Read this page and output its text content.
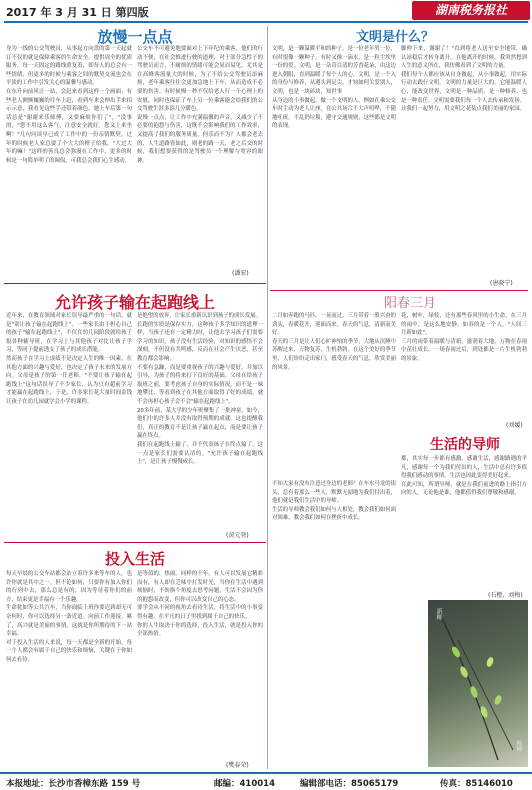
2017 年 3 月 31 日 第四版	湖南税务报社
放慢一点点
身为一线的公交驾驶员，从事起方向盘的第一天起就订不仅的就是保障乘客的生命安全。提供周全的优质服务。每一天固定的路线重复着，即每人的总会有一些情绪，但更多的时候与乘客之间的默契交流也会在平淡的工作中引发关心的温馨与感动。
在东升向前风让一站，会赶来看到这样一个画面：有些老人颤颤巍巍的往车上赶，看到车来会伸出手来招示示意，我看见这些手还带着颜色，她上车后第一句话总是"谢谢来乐师傅，又要麻烦你们了"，"没事的，"您不用这么客气，注意安全就好。您又上来坐啊！"几句问谈早已成了工作中的一份亲情默契。过年的时候老人家总要了个大大的橙子给我，"大过大年的嘛！"这样的善良总会弥漫在工作中，更多的时候是一句简单明了的调侃，可我总会我们心生感动。
公交车不可避免地要面对上下年纪的乘客，他们的行动不便，在社会推进行驶的道理，对于部分急性子的驾驶员而言，不耐烦的情绪可能会显而易见，尤其是在高峰客流量大的时候，为了不给公交驾驶员添麻烦，老年乘客往往会更加急地上下车，从而造成不必要的伤害。有时候慢一秒不仅给老人行一个心理上的安慰，同时也保证了车上另一位乘客能会给我们的公交驾驶生涯多添几分暖色。
说慢一点点，让工作中充满温馨的声音，又减少了不必要的抱怨与伤害，这既不会影响我们的工作效率，又提高了我们的服务质量。何乐而不为？人都会老去的，人生道路皆如此，则老的路一天，老之后交的时候，我们想要获得的是驾驶员一个理解与宽容的眼神。
(潘宏)
允许孩子输在起跑线上
近年来，在教育领域对家长误导最严重的一句话，就是"别让孩子输在起跑线上"。一些家长由于担心自己的孩子"输在起跑线上"，不仅在幼儿园阶段就给孩子报各种辅导班，在学习上与其他孩子对比让孩子学习，等同于提前透支了孩子的成长潜能。
然而孩子在学习上成绩不是决定人生的唯一因素，在其他方面的兴趣与爱好，也决定了孩子未来的发展方向。父母是孩子的第一任老师，"不要让孩子输在起跑线上"这句话误导了不少家长，认为只有超前学习才能赢在起跑线上，于是，许多家长花大量时间金钱让孩子在幼儿园就学会小学的课程。
是绝望的放弃，让家长重新认识到孩子的成长发展。
长跑的实质是保存实力，这种孩子多学知识的道理一样，当孩子还有一定精力时，让他去学习孩子们需要学习的知识，孩子没有生活经验，对知识的感悟不会深刻，不但没有共鸣感，反而在社会产生厌恶，甚至教育都会影响。
不要有急躁，而是要重视孩子的兴趣与爱好，并加以引导，为孩子的将来打下良好的基础。父母在给孩子报班之前，要考虑孩子自身的实际情况，而不是一味地攀比，等看到孩子在其他方面取得了好的成绩，就不会再担心孩子会不会"输在起跑线上"。
20多年前，某大学的少年班聚集了一批神童，如今，他们中的许多人并没有取得预期的成就。这也提醒我们，真正的教育不是让孩子赢在起点，而是要让孩子赢在终点。
我们在起跑线上输了，并不代表孩子在终点输了，这一点是家长们需要认清的。"允许孩子输在起跑线上"，是让孩子慢慢成长。
(黄元登)
投入生活
每天早晨的公交车站都会站立着许多来等车的人，也许你就是其中之一。但不论如何，只要你有加入你们的行列中去，那么总是有的，因为等待着你们的前方，结束更是幸福有一个乐趣。
生命犹如等公共汽车，当你面临上班你要迟到却无可奈何时，你可以选择另一条近道。向前工作迎接，累了，高兴就是美丽的事情，这就是你所期待的下一站幸福。
对于投入生活的人来说，每一天都是全新的开始，每一个人都会有属于自己的快乐和烦恼，关键在于你如何去看待。
是等值的、热闹。同样的十年，有人可以发展它精彩而有，有人却在乏味中打发时光，当你在生活中遇到烦恼时，不妨换个角度去思考问题，生活不会因为你的抱怨而改变，但你可以改变自己的心态。
要学会从不同的视角去看待生活，将生活中的小事变得有趣，在平凡的日子里找到属于自己的快乐。
你的人生取决于你的选择，投入生活，就是投入你的全部热情。
(樊春荣)
文明是什么？
文明，是一颗温暖平和的种子，是一位老年男一位，有时很像一颗种子，有时又像一滴水，是一粒尘埃里一份的爱。文明，是一杂奇目清的芳香花朵，由这边进入朝阳，直到温暖了每个人的心。文明，是一个入的身份与修养，从遵头到足尖，才知如何关爱别人，文明，也是一块砖块，知世事
从身边的小事做起，做一个文明的人。例如在乘公交车时主动为老人让座，在公共场合不大声喧哗，不随地吐痰，不乱扔垃圾，遵守交通规则，这些都是文明的表现。
脚伸下来，谢谢了！"直到将老人送至安全地带，确认站稳后才转身离开。在他离开的时候，我突然想到人生的意义所在，我仿佛看到了文明的力量。
我们每个人都应该从自身做起，从小事做起，用实际行动去践行文明。文明的力量是巨大的，它能温暖人心，能改变世界，文明是一种品质，是一种修养，也是一种责任。文明需要我们每一个人去传承和发扬。
让我们一起努力，用文明之花装点我们美丽的家园。
(唐晓宁)
阳春三月
二月如奔跑的马匹，一晃而过。三月带着一股兴奋的劲头，春暖花开，迎面而来。春天的气息，清新而美好。
春天的三月是让人们心旷神怡的季节，大地从沉睡中苏醒过来，万物复苏，生机勃勃。在这个美好的季节里，人们纷纷走出家门，感受春天的气息，欣赏美丽的风景。
花，树叶，绿枝，还有那些春风里的小生命，在三月的雨中，是这么地安静，如春的是一个人，"人间三月新如此"。
三月的雨带着温暖与清新，滋润着大地，万物在春雨中茁壮成长。一场春雨过后，到处都是一片生机勃勃的景象。
(刘媛)
生活的导师
不知大家有没有注意过身边的老师？在车水马龙的街头，总有着那么一些人，默默无闻地为我们付出着，他们就是我们生活中的导师。
生活的导师教会我们如何与人相处，教会我们如何面对困难，教会我们如何在挫折中成长。
都，其实每一步都有感激。感谢生活，感谢路遇的平凡，感谢每一个为我们付出的人，生活中总有许多值得我们感动的事情，生活也因此变得美好起来。
在此可知，所谓导师，就是在我们前进的路上指引方向的人，无论他是谁，他都值得我们尊敬和感谢。
(石橙、刘梅)
新柳
杨柳
本报地址：长沙市香樟东路 159 号	邮编：410014	编辑部电话：85065179	传真：85146010
